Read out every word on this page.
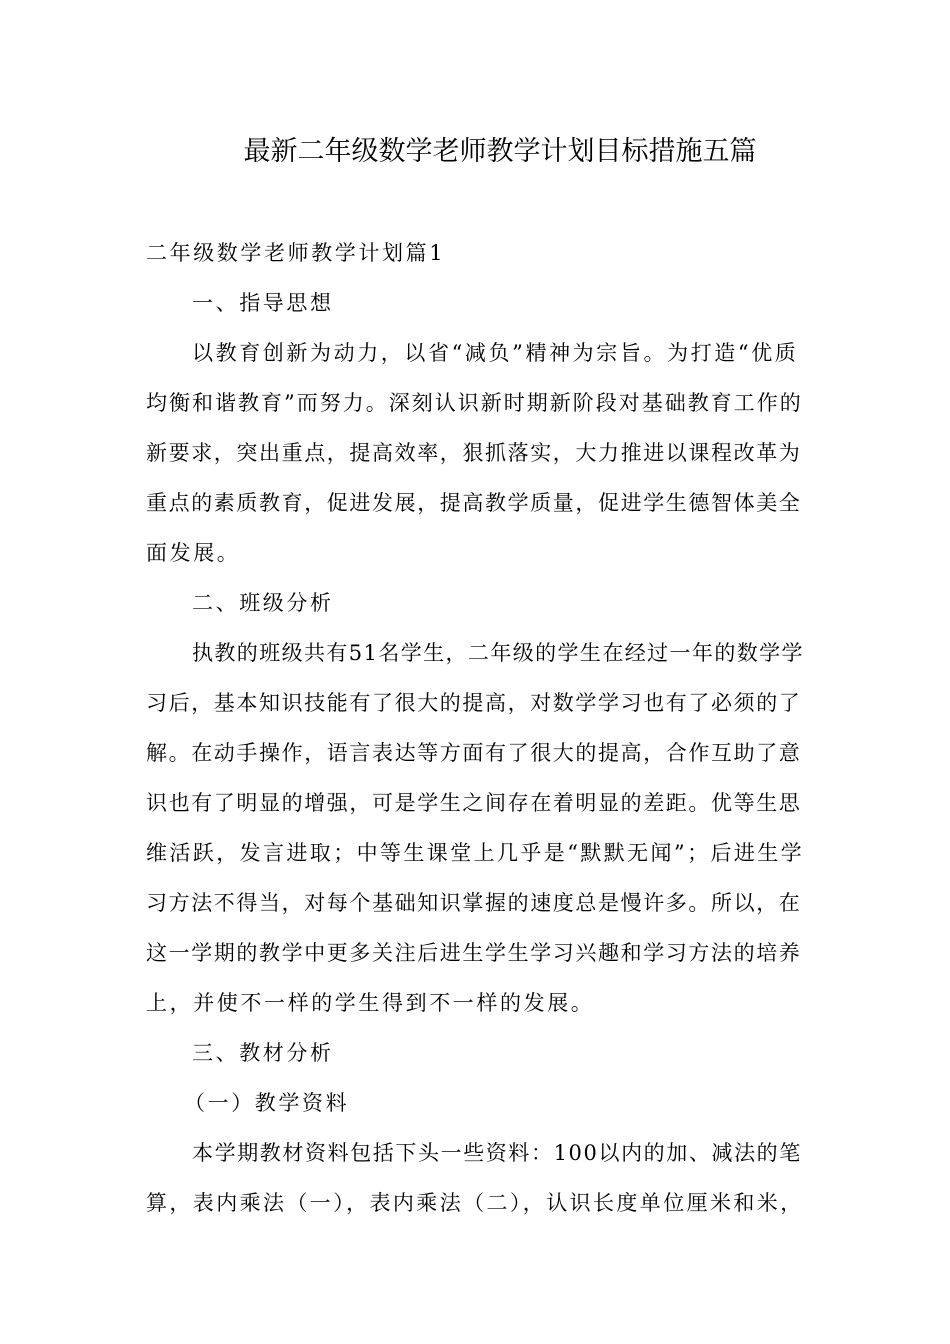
最新二年级数学老师教学计划目标措施五篇
二年级数学老师教学计划篇1
一、指导思想
以教育创新为动力，以省“减负”精神为宗旨。为打造“优质
均衡和谐教育”而努力。深刻认识新时期新阶段对基础教育工作的
新要求，突出重点，提高效率，狠抓落实，大力推进以课程改革为
重点的素质教育，促进发展，提高教学质量，促进学生德智体美全
面发展。
二、班级分析
执教的班级共有51名学生，二年级的学生在经过一年的数学学
习后，基本知识技能有了很大的提高，对数学学习也有了必须的了
解。在动手操作，语言表达等方面有了很大的提高，合作互助了意
识也有了明显的增强，可是学生之间存在着明显的差距。优等生思
维活跃，发言进取；中等生课堂上几乎是“默默无闻”；后进生学
习方法不得当，对每个基础知识掌握的速度总是慢许多。所以，在
这一学期的教学中更多关注后进生学生学习兴趣和学习方法的培养
上，并使不一样的学生得到不一样的发展。
三、教材分析
（一）教学资料
本学期教材资料包括下头一些资料：100以内的加、减法的笔
算，表内乘法（一），表内乘法（二），认识长度单位厘米和米，
